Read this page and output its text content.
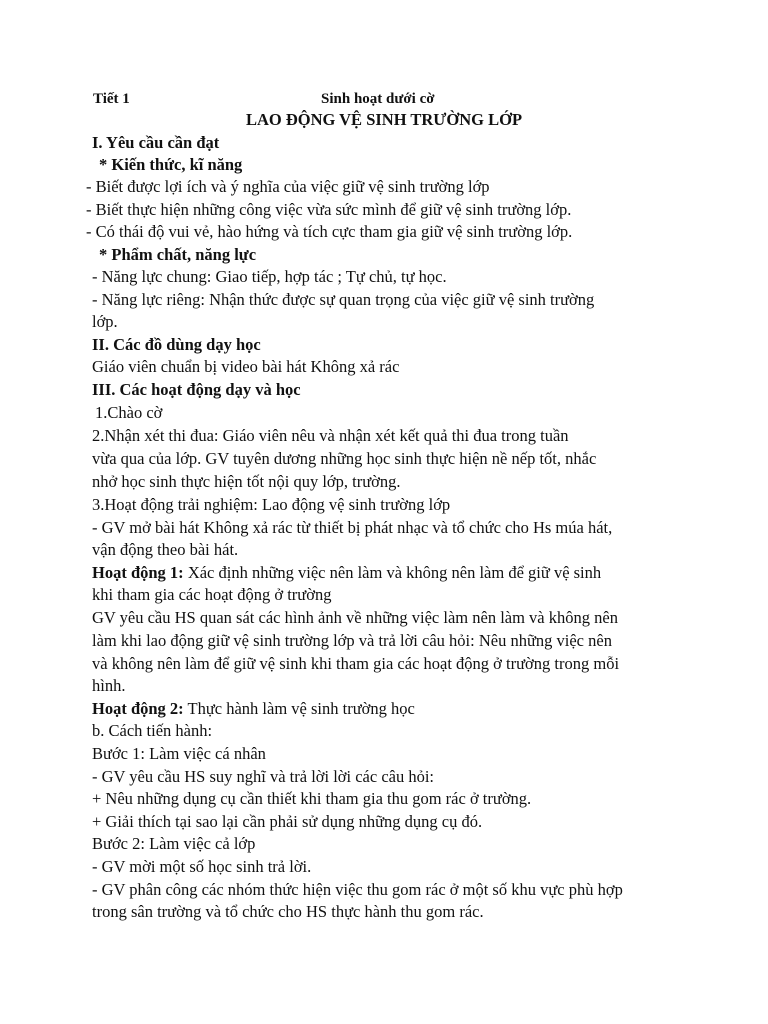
Tiết 1	Sinh hoạt dưới cờ

LAO ĐỘNG VỆ SINH TRƯỜNG LỚP

I. Yêu cầu cần đạt

* Kiến thức, kĩ năng

- Biết được lợi ích và ý nghĩa của việc giữ vệ sinh trường lớp

- Biết thực hiện những công việc vừa sức mình để giữ vệ sinh trường lớp.

- Có thái độ vui vẻ, hào hứng và tích cực tham gia giữ vệ sinh trường lớp.

* Phẩm chất, năng lực

- Năng lực chung: Giao tiếp, hợp tác ; Tự chủ, tự học.

- Năng lực riêng: Nhận thức được sự quan trọng của việc giữ vệ sinh trường

lớp.

II. Các đồ dùng dạy học

Giáo viên chuẩn bị video bài hát Không xả rác

III. Các hoạt động dạy và học

1.Chào cờ

2.Nhận xét thi đua: Giáo viên nêu và nhận xét kết quả thi đua trong tuần

vừa qua của lớp. GV tuyên dương những học sinh thực hiện nề nếp tốt, nhắc

nhở học sinh thực hiện tốt nội quy lớp, trường.

3.Hoạt động trải nghiệm: Lao động vệ sinh trường lớp

- GV mở bài hát Không xả rác từ thiết bị phát nhạc và tổ chức cho Hs múa hát,

vận động theo bài hát.

Hoạt động 1: Xác định những việc nên làm và không nên làm để giữ vệ sinh

khi tham gia các hoạt động ở trường

GV yêu cầu HS quan sát các hình ảnh về những việc làm nên làm và không nên

làm khi lao động giữ vệ sinh trường lớp và trả lời câu hỏi: Nêu những việc nên

và không nên làm để giữ vệ sinh khi tham gia các hoạt động ở trường trong mỗi

hình.

Hoạt động 2: Thực hành làm vệ sinh trường học

b. Cách tiến hành:

Bước 1: Làm việc cá nhân

- GV yêu cầu HS suy nghĩ và trả lời lời các câu hỏi:

+ Nêu những dụng cụ cần thiết khi tham gia thu gom rác ở trường.

+ Giải thích tại sao lại cần phải sử dụng những dụng cụ đó.

Bước 2: Làm việc cả lớp

- GV mời một số học sinh trả lời.

- GV phân công các nhóm thức hiện việc thu gom rác ở một số khu vực phù hợp

trong sân trường và tổ chức cho HS thực hành thu gom rác.
